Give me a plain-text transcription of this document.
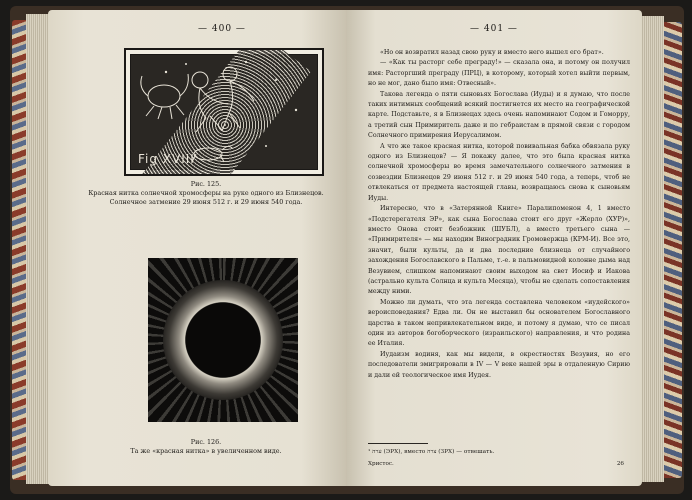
— 400 —
Fig XVIII
Рис. 125.
Красная нитка солнечной хромосферы на руке одного из Близнецов. Солнечное затмение 29 июня 512 г. и 29 июня 540 года.
Рис. 126.
Та же «красная нитка» в увеличенном виде.
— 401 —

«Но он возвратил назад свою руку и вместо него вышел его брат».

— «Как ты расторг себе преграду!» — сказала она, и потому он получил имя: Расторгший преграду (ПРЦ), в которому, который хотел выйти первым, но не мог, дано было имя: Отвесный».

Такова легенда о пяти сыновьях Богослава (Иуды) и я думаю, что после таких интимных сообщений всякий постигнется их место на географической карте. Подставьте, я в Близнецах здесь очень напоминают Содом и Гоморру, а третий сын Примиритель даже и по гебраистам в прямой связи с городом Солнечного примирения Иерусалимом.

А что же такое красная нитка, которой повивальная бабка обвязала руку одного из Близнецов? — Я покажу далее, что это была красная нитка солнечной хромосферы во время замечательного солнечного затмения в созвездии Близнецов 29 июня 512 г. и 29 июня 540 года, а теперь, чтоб не отвлекаться от предмета настоящей главы, возвращаюсь снова к сыновьям Иуды.

Интересно, что в «Затерянной Книге» Паралипоменон 4, 1 вместо «Подстерегателя ЭР», как сына Богослава стоит его друг «Жерло (ХУР)», вместо Онова стоит безбожник (ШУБЛ), а вместо третьего сына — «Примирителя» — мы находим Виноградник Громовержца (КРМ-И). Все это, значит, были культы, да и два последние близнеца от случайного захождения Богославского в Пальме, т.-е. в пальмовидной колонне дыма над Везувием, слишком напоминают своим выходом на свет Иосиф и Иакова (астрально культа Солнца и культа Месяца), чтобы не сделать сопоставления между ними.

Можно ли думать, что эта легенда составлена человеком «иудейского» вероисповедания? Едва ли. Он не выставил бы основателем Богославного царства в таком непривлекательном виде, и потому я думаю, что се писал один из авторов богоборческого (израильского) направления, и что родина ее Италия.

Иудаизм водиня, как мы видели, в окрестностях Везувия, но его последователи эмигрировали в IV — V веке нашей эры в отдаленную Сирию и дали ей теологическое имя Иудея.

¹ ערה (ЭРХ), вместо צרה (ЗРХ) — отвешать.
Христос.	26
